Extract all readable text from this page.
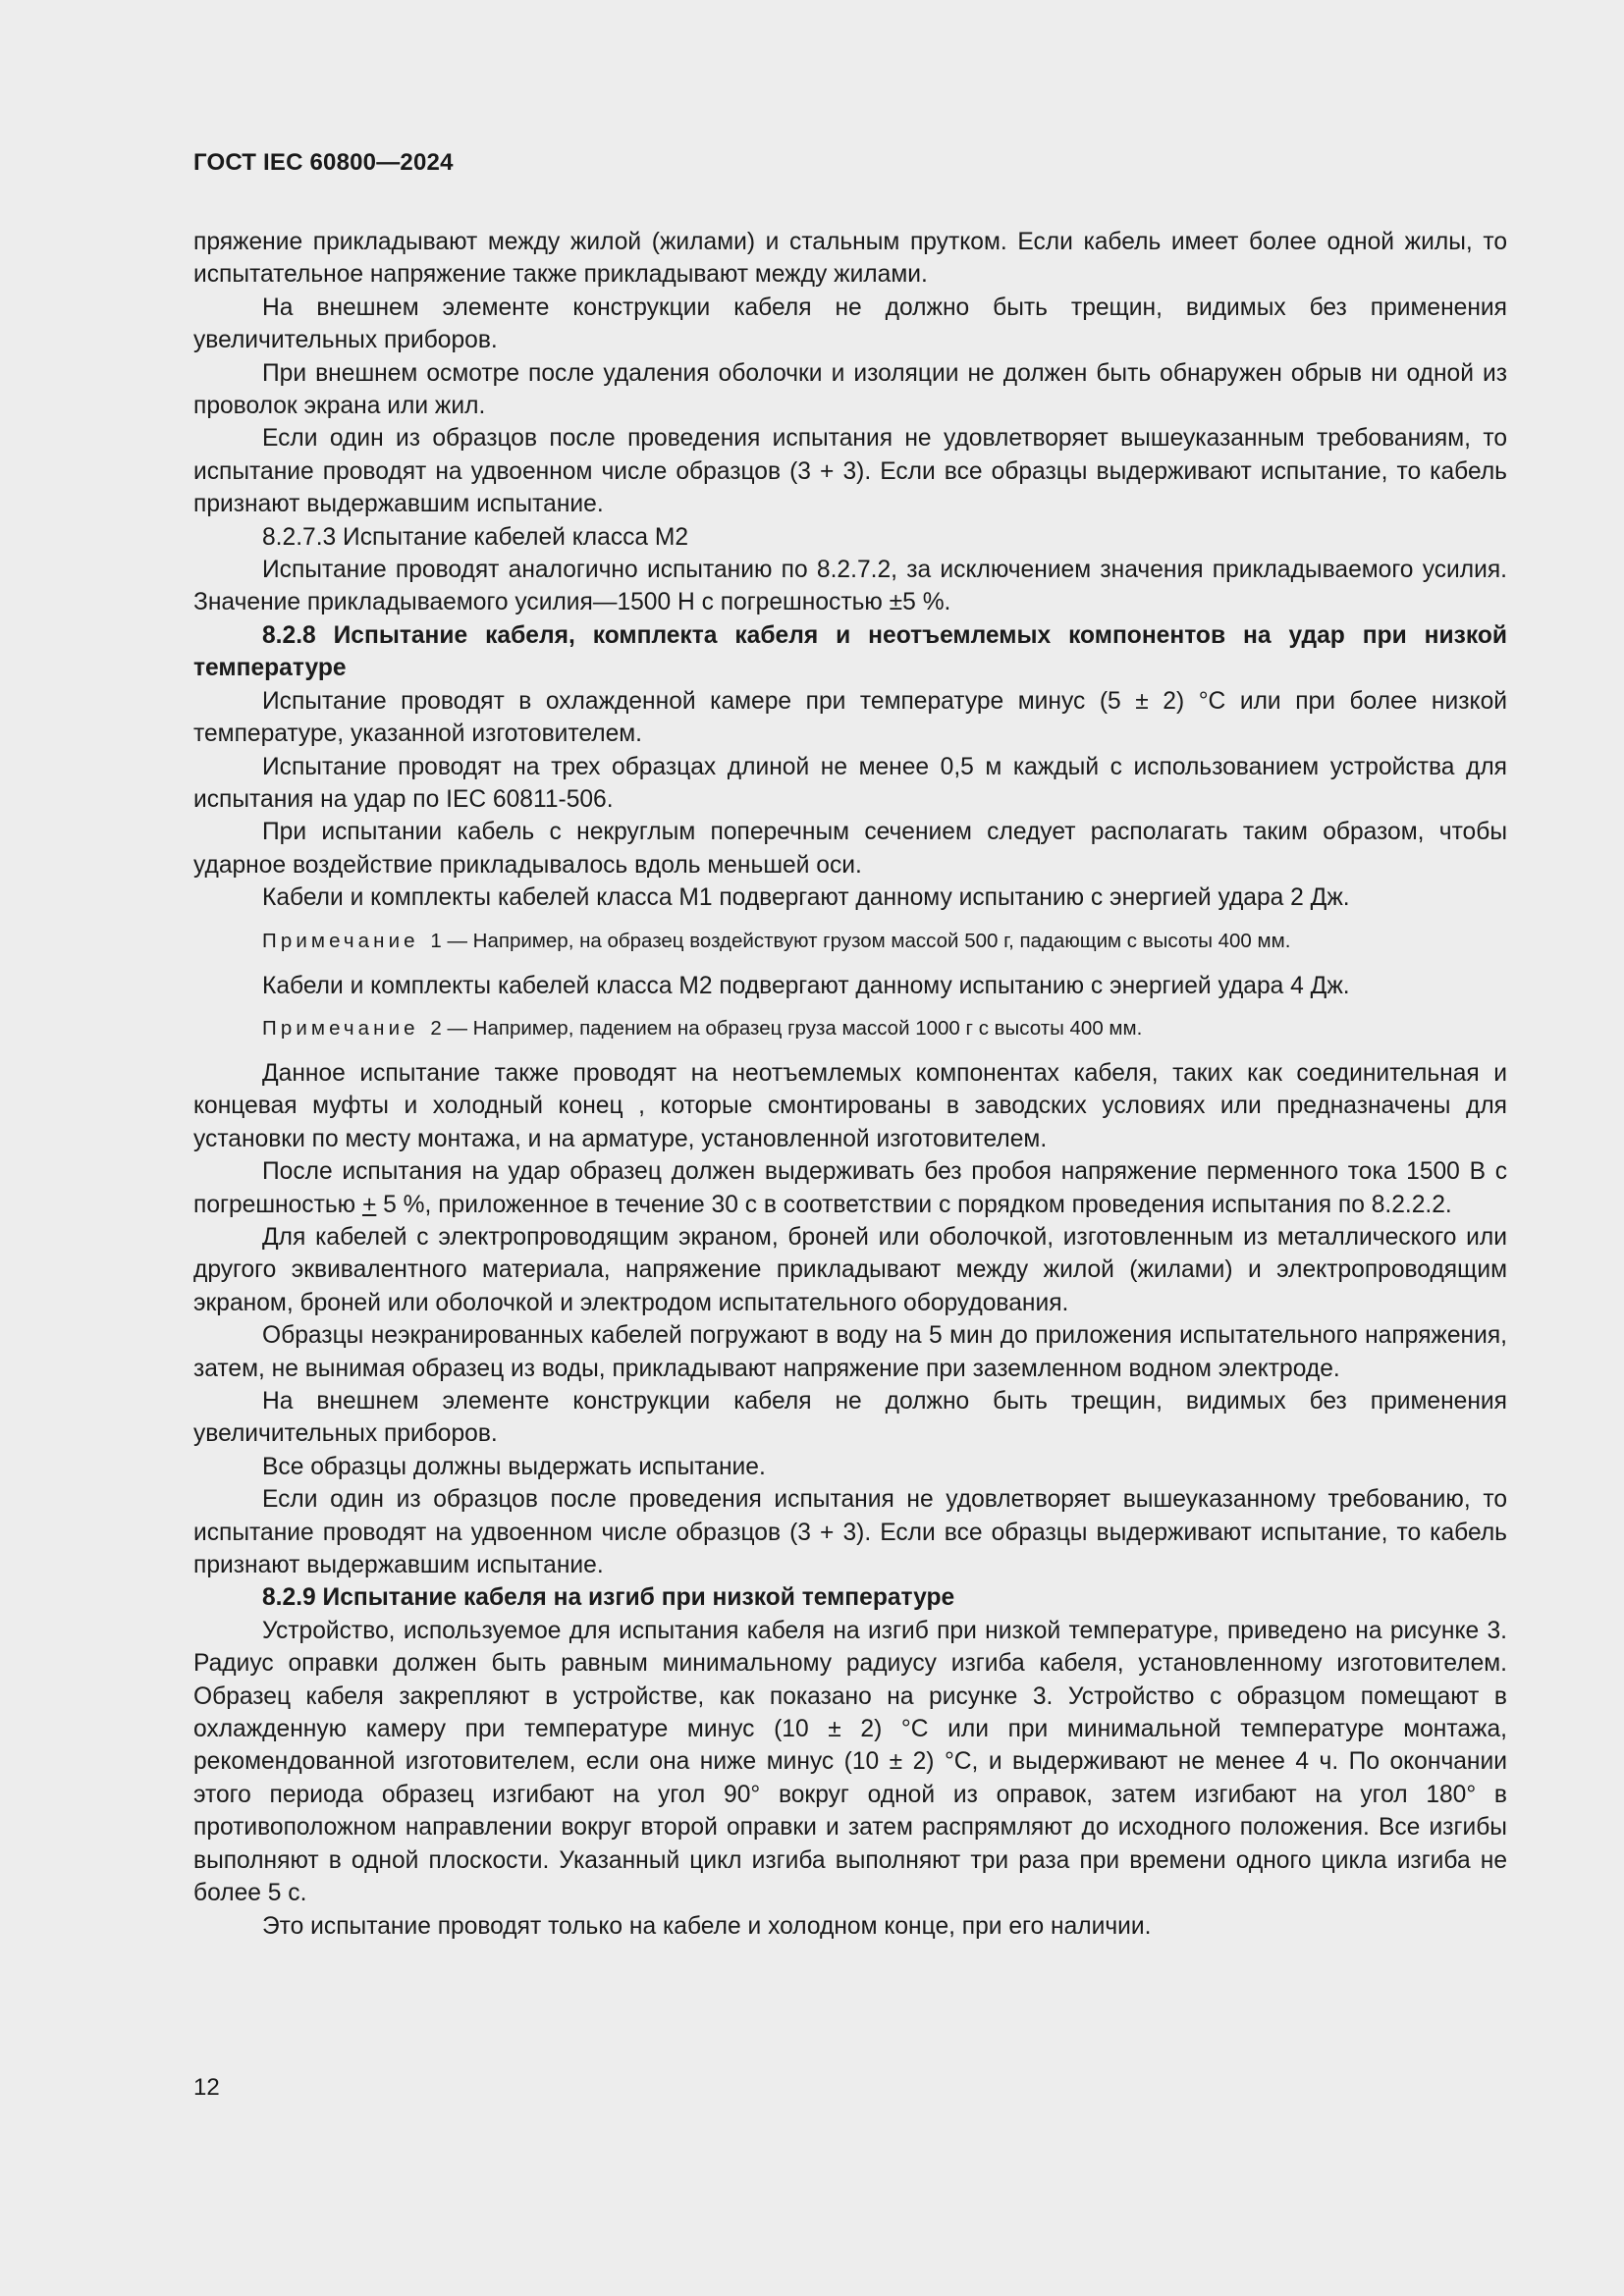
ГОСТ IEC 60800—2024

пряжение прикладывают между жилой (жилами) и стальным прутком. Если кабель имеет более одной жилы, то испытательное напряжение также прикладывают между жилами.

На внешнем элементе конструкции кабеля не должно быть трещин, видимых без применения увеличительных приборов.

При внешнем осмотре после удаления оболочки и изоляции не должен быть обнаружен обрыв ни одной из проволок экрана или жил.

Если один из образцов после проведения испытания не удовлетворяет вышеуказанным требованиям, то испытание проводят на удвоенном числе образцов (3 + 3). Если все образцы выдерживают испытание, то кабель признают выдержавшим испытание.

8.2.7.3 Испытание кабелей класса М2

Испытание проводят аналогично испытанию по 8.2.7.2, за исключением значения прикладываемого усилия. Значение прикладываемого усилия—1500 Н с погрешностью ±5 %.

8.2.8 Испытание кабеля, комплекта кабеля и неотъемлемых компонентов на удар при низкой температуре

Испытание проводят в охлажденной камере при температуре минус (5 ± 2) °С или при более низкой температуре, указанной изготовителем.

Испытание проводят на трех образцах длиной не менее 0,5 м каждый с использованием устройства для испытания на удар по IEC 60811-506.

При испытании кабель с некруглым поперечным сечением следует располагать таким образом, чтобы ударное воздействие прикладывалось вдоль меньшей оси.

Кабели и комплекты кабелей класса М1 подвергают данному испытанию с энергией удара 2 Дж.

Примечание 1 — Например, на образец воздействуют грузом массой 500 г, падающим с высоты 400 мм.

Кабели и комплекты кабелей класса М2 подвергают данному испытанию с энергией удара 4 Дж.

Примечание 2 — Например, падением на образец груза массой 1000 г с высоты 400 мм.

Данное испытание также проводят на неотъемлемых компонентах кабеля, таких как соединительная и концевая муфты и холодный конец , которые смонтированы в заводских условиях или предназначены для установки по месту монтажа, и на арматуре, установленной изготовителем.

После испытания на удар образец должен выдерживать без пробоя напряжение перменного тока 1500 В с погрешностью + 5 %, приложенное в течение 30 с в соответствии с порядком проведения испытания по 8.2.2.2.

Для кабелей с электропроводящим экраном, броней или оболочкой, изготовленным из металлического или другого эквивалентного материала, напряжение прикладывают между жилой (жилами) и электропроводящим экраном, броней или оболочкой и электродом испытательного оборудования.

Образцы неэкранированных кабелей погружают в воду на 5 мин до приложения испытательного напряжения, затем, не вынимая образец из воды, прикладывают напряжение при заземленном водном электроде.

На внешнем элементе конструкции кабеля не должно быть трещин, видимых без применения увеличительных приборов.

Все образцы должны выдержать испытание.

Если один из образцов после проведения испытания не удовлетворяет вышеуказанному требованию, то испытание проводят на удвоенном числе образцов (3 + 3). Если все образцы выдерживают испытание, то кабель признают выдержавшим испытание.

8.2.9 Испытание кабеля на изгиб при низкой температуре

Устройство, используемое для испытания кабеля на изгиб при низкой температуре, приведено на рисунке 3. Радиус оправки должен быть равным минимальному радиусу изгиба кабеля, установленному изготовителем. Образец кабеля закрепляют в устройстве, как показано на рисунке 3. Устройство с образцом помещают в охлажденную камеру при температуре минус (10 ± 2) °С или при минимальной температуре монтажа, рекомендованной изготовителем, если она ниже минус (10 ± 2) °С, и выдерживают не менее 4 ч. По окончании этого периода образец изгибают на угол 90° вокруг одной из оправок, затем изгибают на угол 180° в противоположном направлении вокруг второй оправки и затем распрямляют до исходного положения. Все изгибы выполняют в одной плоскости. Указанный цикл изгиба выполняют три раза при времени одного цикла изгиба не более 5 с.

Это испытание проводят только на кабеле и холодном конце, при его наличии.

12
